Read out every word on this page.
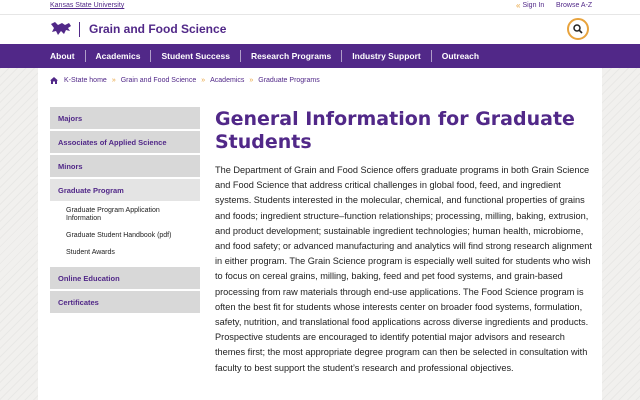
Kansas State University	« Sign In Browse A-Z
Grain and Food Science
About	Academics	Student Success	Research Programs	Industry Support	Outreach
K-State home » Grain and Food Science » Academics » Graduate Programs
Majors
Associates of Applied Science
Minors
Graduate Program
Graduate Program Application Information
Graduate Student Handbook (pdf)
Student Awards
Online Education
Certificates
General Information for Graduate Students

The Department of Grain and Food Science offers graduate programs in both Grain Science and Food Science that address critical challenges in global food, feed, and ingredient systems. Students interested in the molecular, chemical, and functional properties of grains and foods; ingredient structure–function relationships; processing, milling, baking, extrusion, and product development; sustainable ingredient technologies; human health, microbiome, and food safety; or advanced manufacturing and analytics will find strong research alignment in either program. The Grain Science program is especially well suited for students who wish to focus on cereal grains, milling, baking, feed and pet food systems, and grain-based processing from raw materials through end-use applications. The Food Science program is often the best fit for students whose interests center on broader food systems, formulation, safety, nutrition, and translational food applications across diverse ingredients and products. Prospective students are encouraged to identify potential major advisors and research themes first; the most appropriate degree program can then be selected in consultation with faculty to best support the student’s research and professional objectives.
